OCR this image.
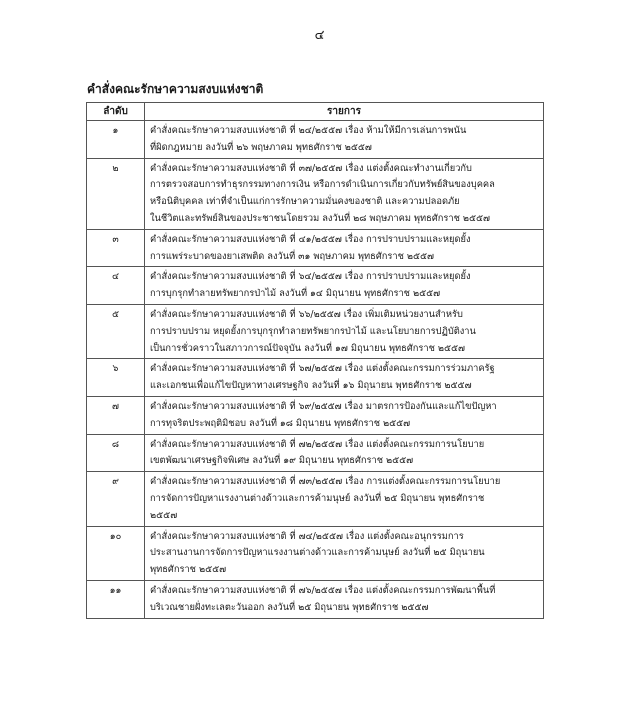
๔
คำสั่งคณะรักษาความสงบแห่งชาติ
ลำดับ	รายการ
๑	คำสั่งคณะรักษาความสงบแห่งชาติ ที่ ๒๔/๒๕๕๗ เรื่อง ห้ามให้มีการเล่นการพนัน
ที่ผิดกฎหมาย ลงวันที่ ๒๖ พฤษภาคม พุทธศักราช ๒๕๕๗

๒	คำสั่งคณะรักษาความสงบแห่งชาติ ที่ ๓๗/๒๕๕๗ เรื่อง แต่งตั้งคณะทำงานเกี่ยวกับ
การตรวจสอบการทำธุรกรรมทางการเงิน หรือการดำเนินการเกี่ยวกับทรัพย์สินของบุคคล
หรือนิติบุคคล เท่าที่จำเป็นแก่การรักษาความมั่นคงของชาติ และความปลอดภัย
ในชีวิตและทรัพย์สินของประชาชนโดยรวม ลงวันที่ ๒๘ พฤษภาคม พุทธศักราช ๒๕๕๗

๓	คำสั่งคณะรักษาความสงบแห่งชาติ ที่ ๔๑/๒๕๕๗ เรื่อง การปราบปรามและหยุดยั้ง
การแพร่ระบาดของยาเสพติด ลงวันที่ ๓๑ พฤษภาคม พุทธศักราช ๒๕๕๗

๔	คำสั่งคณะรักษาความสงบแห่งชาติ ที่ ๖๔/๒๕๕๗ เรื่อง การปราบปรามและหยุดยั้ง
การบุกรุกทำลายทรัพยากรป่าไม้ ลงวันที่ ๑๔ มิถุนายน พุทธศักราช ๒๕๕๗

๕	คำสั่งคณะรักษาความสงบแห่งชาติ ที่ ๖๖/๒๕๕๗ เรื่อง เพิ่มเติมหน่วยงานสำหรับ
การปราบปราม หยุดยั้งการบุกรุกทำลายทรัพยากรป่าไม้ และนโยบายการปฏิบัติงาน
เป็นการชั่วคราวในสภาวการณ์ปัจจุบัน ลงวันที่ ๑๗ มิถุนายน พุทธศักราช ๒๕๕๗

๖	คำสั่งคณะรักษาความสงบแห่งชาติ ที่ ๖๗/๒๕๕๗ เรื่อง แต่งตั้งคณะกรรมการร่วมภาครัฐ
และเอกชนเพื่อแก้ไขปัญหาทางเศรษฐกิจ ลงวันที่ ๑๖ มิถุนายน พุทธศักราช ๒๕๕๗

๗	คำสั่งคณะรักษาความสงบแห่งชาติ ที่ ๖๙/๒๕๕๗ เรื่อง มาตรการป้องกันและแก้ไขปัญหา
การทุจริตประพฤติมิชอบ ลงวันที่ ๑๘ มิถุนายน พุทธศักราช ๒๕๕๗

๘	คำสั่งคณะรักษาความสงบแห่งชาติ ที่ ๗๒/๒๕๕๗ เรื่อง แต่งตั้งคณะกรรมการนโยบาย
เขตพัฒนาเศรษฐกิจพิเศษ ลงวันที่ ๑๙ มิถุนายน พุทธศักราช ๒๕๕๗

๙	คำสั่งคณะรักษาความสงบแห่งชาติ ที่ ๗๓/๒๕๕๗ เรื่อง การแต่งตั้งคณะกรรมการนโยบาย
การจัดการปัญหาแรงงานต่างด้าวและการค้ามนุษย์ ลงวันที่ ๒๕ มิถุนายน พุทธศักราช
๒๕๕๗

๑๐	คำสั่งคณะรักษาความสงบแห่งชาติ ที่ ๗๔/๒๕๕๗ เรื่อง แต่งตั้งคณะอนุกรรมการ
ประสานงานการจัดการปัญหาแรงงานต่างด้าวและการค้ามนุษย์ ลงวันที่ ๒๕ มิถุนายน
พุทธศักราช ๒๕๕๗

๑๑	คำสั่งคณะรักษาความสงบแห่งชาติ ที่ ๗๖/๒๕๕๗ เรื่อง แต่งตั้งคณะกรรมการพัฒนาพื้นที่
บริเวณชายฝั่งทะเลตะวันออก ลงวันที่ ๒๕ มิถุนายน พุทธศักราช ๒๕๕๗
